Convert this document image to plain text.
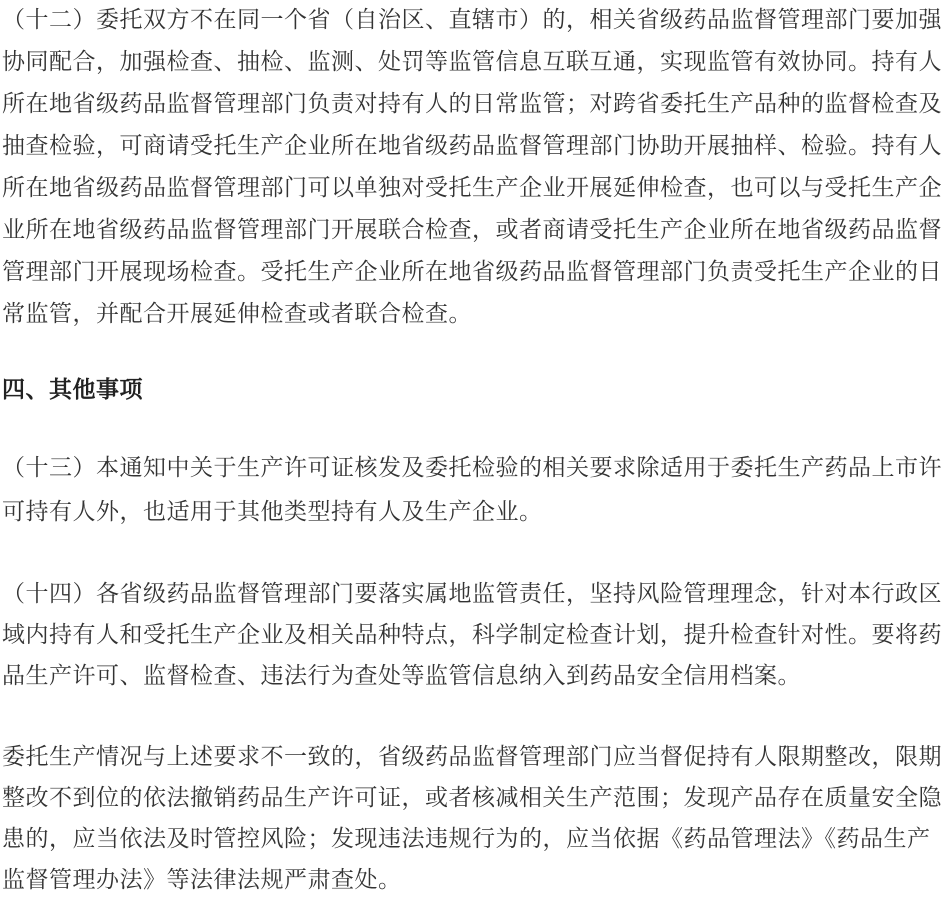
（十二）委托双方不在同一个省（自治区、直辖市）的，相关省级药品监督管理部门要加强
协同配合，加强检查、抽检、监测、处罚等监管信息互联互通，实现监管有效协同。持有人
所在地省级药品监督管理部门负责对持有人的日常监管；对跨省委托生产品种的监督检查及
抽查检验，可商请受托生产企业所在地省级药品监督管理部门协助开展抽样、检验。持有人
所在地省级药品监督管理部门可以单独对受托生产企业开展延伸检查，也可以与受托生产企
业所在地省级药品监督管理部门开展联合检查，或者商请受托生产企业所在地省级药品监督
管理部门开展现场检查。受托生产企业所在地省级药品监督管理部门负责受托生产企业的日
常监管，并配合开展延伸检查或者联合检查。
四、其他事项
（十三）本通知中关于生产许可证核发及委托检验的相关要求除适用于委托生产药品上市许
可持有人外，也适用于其他类型持有人及生产企业。
（十四）各省级药品监督管理部门要落实属地监管责任，坚持风险管理理念，针对本行政区
域内持有人和受托生产企业及相关品种特点，科学制定检查计划，提升检查针对性。要将药
品生产许可、监督检查、违法行为查处等监管信息纳入到药品安全信用档案。
委托生产情况与上述要求不一致的，省级药品监督管理部门应当督促持有人限期整改，限期
整改不到位的依法撤销药品生产许可证，或者核减相关生产范围；发现产品存在质量安全隐
患的，应当依法及时管控风险；发现违法违规行为的，应当依据《药品管理法》《药品生产
监督管理办法》等法律法规严肃查处。
